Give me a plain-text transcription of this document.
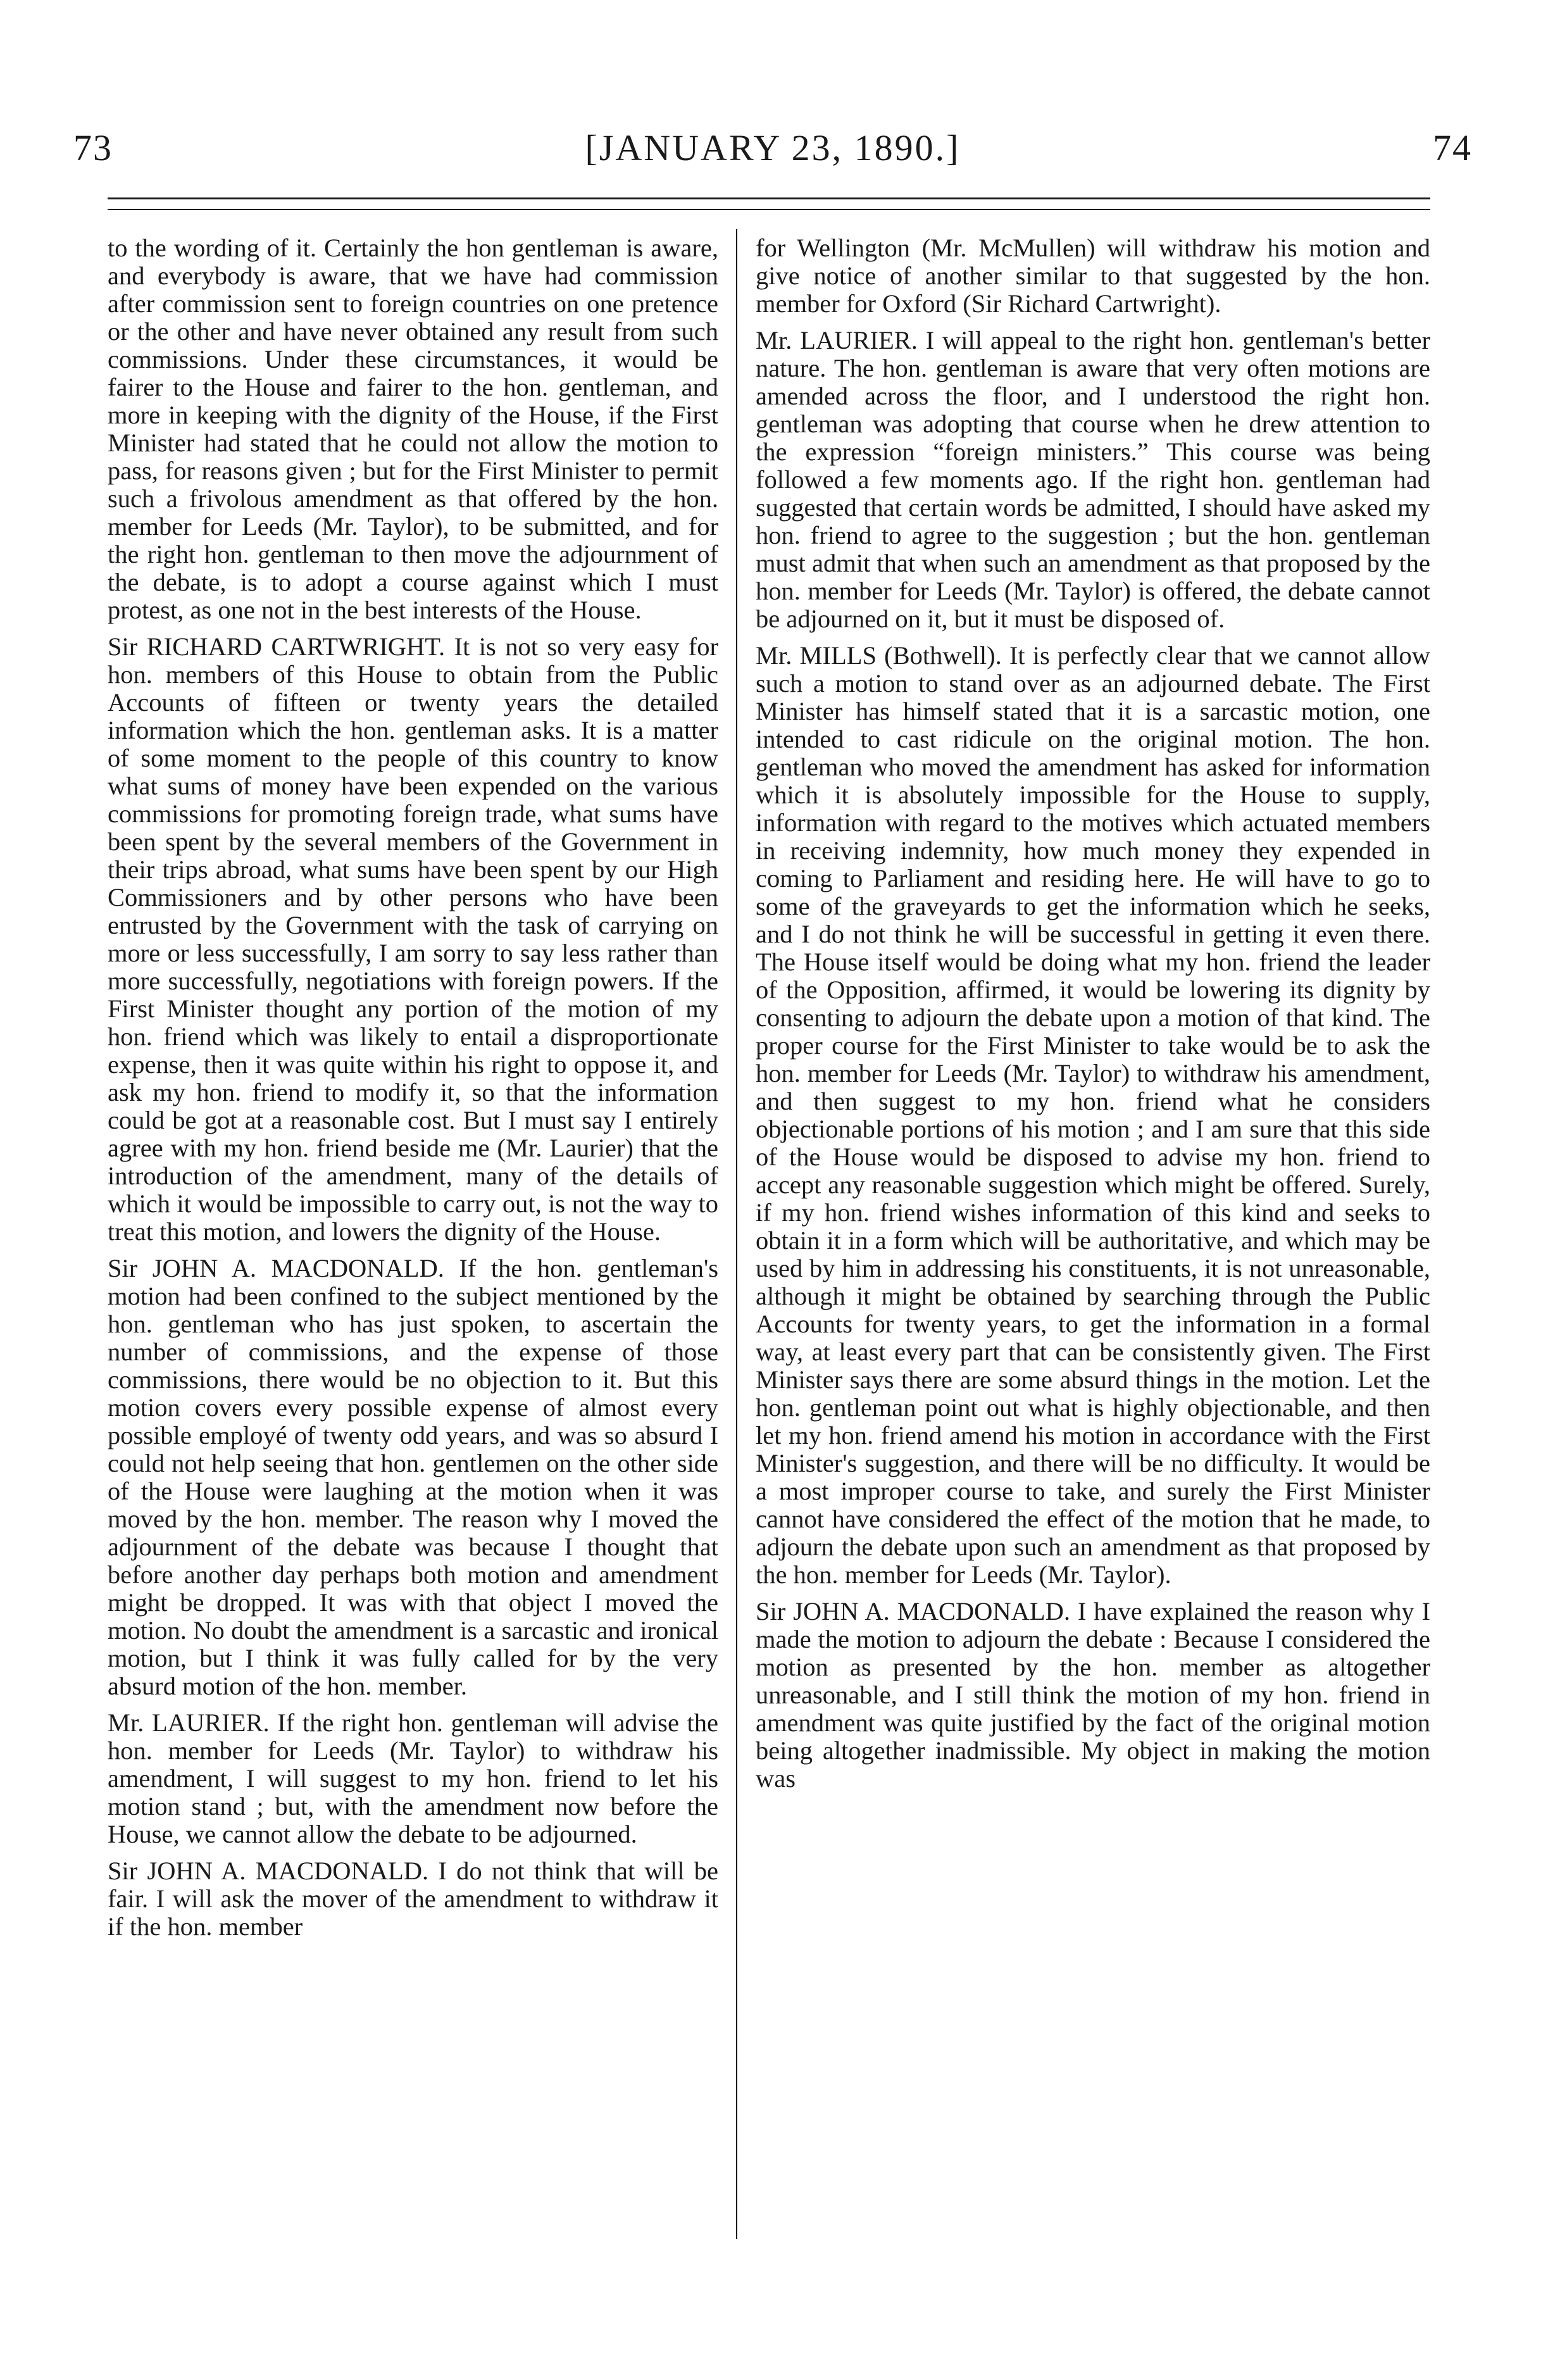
73	[JANUARY 23, 1890.]	74

to the wording of it. Certainly the hon gentleman is aware, and everybody is aware, that we have had commission after commission sent to foreign countries on one pretence or the other and have never obtained any result from such commissions. Under these circumstances, it would be fairer to the House and fairer to the hon. gentleman, and more in keeping with the dignity of the House, if the First Minister had stated that he could not allow the motion to pass, for reasons given ; but for the First Minister to permit such a frivolous amendment as that offered by the hon. member for Leeds (Mr. Taylor), to be submitted, and for the right hon. gentleman to then move the adjournment of the debate, is to adopt a course against which I must protest, as one not in the best interests of the House.

Sir RICHARD CARTWRIGHT. It is not so very easy for hon. members of this House to obtain from the Public Accounts of fifteen or twenty years the detailed information which the hon. gentleman asks. It is a matter of some moment to the people of this country to know what sums of money have been expended on the various commissions for promoting foreign trade, what sums have been spent by the several members of the Government in their trips abroad, what sums have been spent by our High Commissioners and by other persons who have been entrusted by the Government with the task of carrying on more or less successfully, I am sorry to say less rather than more successfully, negotiations with foreign powers. If the First Minister thought any portion of the motion of my hon. friend which was likely to entail a disproportionate expense, then it was quite within his right to oppose it, and ask my hon. friend to modify it, so that the information could be got at a reasonable cost. But I must say I entirely agree with my hon. friend beside me (Mr. Laurier) that the introduction of the amendment, many of the details of which it would be impossible to carry out, is not the way to treat this motion, and lowers the dignity of the House.

Sir JOHN A. MACDONALD. If the hon. gentleman's motion had been confined to the subject mentioned by the hon. gentleman who has just spoken, to ascertain the number of commissions, and the expense of those commissions, there would be no objection to it. But this motion covers every possible expense of almost every possible employé of twenty odd years, and was so absurd I could not help seeing that hon. gentlemen on the other side of the House were laughing at the motion when it was moved by the hon. member. The reason why I moved the adjournment of the debate was because I thought that before another day perhaps both motion and amendment might be dropped. It was with that object I moved the motion. No doubt the amendment is a sarcastic and ironical motion, but I think it was fully called for by the very absurd motion of the hon. member.

Mr. LAURIER. If the right hon. gentleman will advise the hon. member for Leeds (Mr. Taylor) to withdraw his amendment, I will suggest to my hon. friend to let his motion stand ; but, with the amendment now before the House, we cannot allow the debate to be adjourned.

Sir JOHN A. MACDONALD. I do not think that will be fair. I will ask the mover of the amendment to withdraw it if the hon. member

for Wellington (Mr. McMullen) will withdraw his motion and give notice of another similar to that suggested by the hon. member for Oxford (Sir Richard Cartwright).

Mr. LAURIER. I will appeal to the right hon. gentleman's better nature. The hon. gentleman is aware that very often motions are amended across the floor, and I understood the right hon. gentleman was adopting that course when he drew attention to the expression “foreign ministers.” This course was being followed a few moments ago. If the right hon. gentleman had suggested that certain words be admitted, I should have asked my hon. friend to agree to the suggestion ; but the hon. gentleman must admit that when such an amendment as that proposed by the hon. member for Leeds (Mr. Taylor) is offered, the debate cannot be adjourned on it, but it must be disposed of.

Mr. MILLS (Bothwell). It is perfectly clear that we cannot allow such a motion to stand over as an adjourned debate. The First Minister has himself stated that it is a sarcastic motion, one intended to cast ridicule on the original motion. The hon. gentleman who moved the amendment has asked for information which it is absolutely impossible for the House to supply, information with regard to the motives which actuated members in receiving indemnity, how much money they expended in coming to Parliament and residing here. He will have to go to some of the graveyards to get the information which he seeks, and I do not think he will be successful in getting it even there. The House itself would be doing what my hon. friend the leader of the Opposition, affirmed, it would be lowering its dignity by consenting to adjourn the debate upon a motion of that kind. The proper course for the First Minister to take would be to ask the hon. member for Leeds (Mr. Taylor) to withdraw his amendment, and then suggest to my hon. friend what he considers objectionable portions of his motion ; and I am sure that this side of the House would be disposed to advise my hon. friend to accept any reasonable suggestion which might be offered. Surely, if my hon. friend wishes information of this kind and seeks to obtain it in a form which will be authoritative, and which may be used by him in addressing his constituents, it is not unreasonable, although it might be obtained by searching through the Public Accounts for twenty years, to get the information in a formal way, at least every part that can be consistently given. The First Minister says there are some absurd things in the motion. Let the hon. gentleman point out what is highly objectionable, and then let my hon. friend amend his motion in accordance with the First Minister's suggestion, and there will be no difficulty. It would be a most improper course to take, and surely the First Minister cannot have considered the effect of the motion that he made, to adjourn the debate upon such an amendment as that proposed by the hon. member for Leeds (Mr. Taylor).

Sir JOHN A. MACDONALD. I have explained the reason why I made the motion to adjourn the debate : Because I considered the motion as presented by the hon. member as altogether unreasonable, and I still think the motion of my hon. friend in amendment was quite justified by the fact of the original motion being altogether inadmissible. My object in making the motion was
